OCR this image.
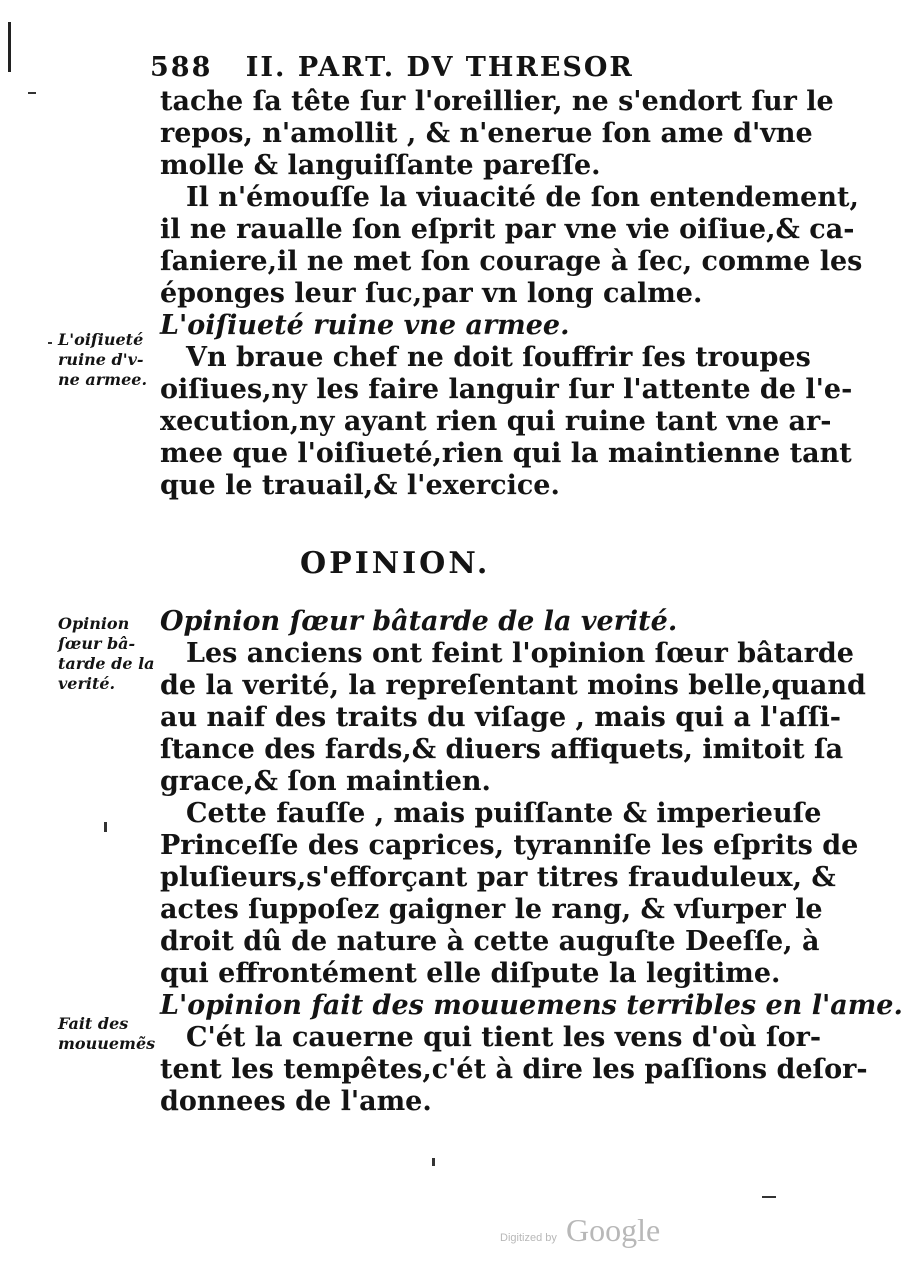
588 II. PART. DV THRESOR
tache ſa tête ſur l'oreillier, ne s'endort ſur le
repos, n'amollit , & n'enerue ſon ame d'vne
molle & languiſſante pareſſe.
Il n'émouſſe la viuacité de ſon entendement,
il ne raualle ſon eſprit par vne vie oiſiue,& ca-
ſaniere,il ne met ſon courage à ſec, comme les
éponges leur ſuc,par vn long calme.
L'oiſiueté ruine vne armee.
Vn braue chef ne doit ſouffrir ſes troupes
oiſiues,ny les faire languir ſur l'attente de l'e-
xecution,ny ayant rien qui ruine tant vne ar-
mee que l'oiſiueté,rien qui la maintienne tant
que le trauail,& l'exercice.
OPINION.
Opinion ſœur bâtarde de la verité.
Les anciens ont feint l'opinion ſœur bâtarde
de la verité, la repreſentant moins belle,quand
au naif des traits du viſage , mais qui a l'aſſi-
ſtance des fards,& diuers affiquets, imitoit ſa
grace,& ſon maintien.
Cette fauſſe , mais puiſſante & imperieuſe
Princeſſe des caprices, tyranniſe les eſprits de
pluſieurs,s'efforçant par titres frauduleux, &
actes ſuppoſez gaigner le rang, & vſurper le
droit dû de nature à cette auguſte Deeſſe, à
qui effrontément elle diſpute la legitime.
L'opinion fait des mouuemens terribles en l'ame.
C'ét la cauerne qui tient les vens d'où ſor-
tent les tempêtes,c'ét à dire les paſſions deſor-
donnees de l'ame.
L'oiſiueté
ruine d'v-
ne armee.
Opinion
ſœur bâ-
tarde de la
verité.
Fait des
mouuemẽs
Digitized by Google
